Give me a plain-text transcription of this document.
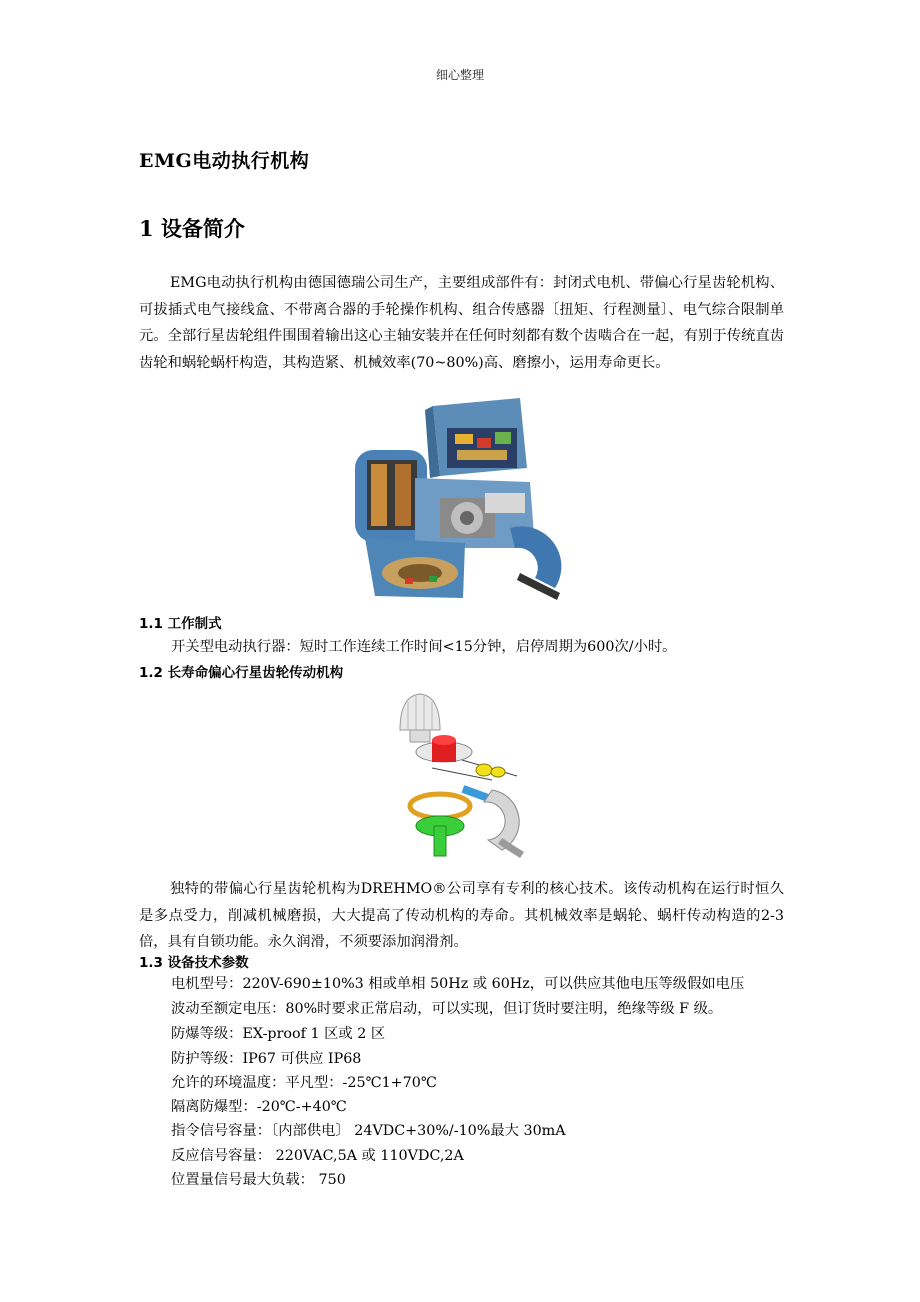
细心整理
EMG电动执行机构
1 设备简介
EMG电动执行机构由德国德瑞公司生产，主要组成部件有：封闭式电机、带偏心行星齿轮机构、可拔插式电气接线盒、不带离合器的手轮操作机构、组合传感器〔扭矩、行程测量〕、电气综合限制单元。全部行星齿轮组件围围着输出这心主轴安装并在任何时刻都有数个齿啮合在一起，有别于传统直齿齿轮和蜗轮蜗杆构造，其构造紧、机械效率(70~80%)高、磨擦小，运用寿命更长。
1.1 工作制式
开关型电动执行器：短时工作连续工作时间<15分钟，启停周期为600次/小时。
1.2 长寿命偏心行星齿轮传动机构
独特的带偏心行星齿轮机构为DREHMO®公司享有专利的核心技术。该传动机构在运行时恒久是多点受力，削减机械磨损，大大提高了传动机构的寿命。其机械效率是蜗轮、蜗杆传动构造的2-3倍，具有自锁功能。永久润滑，不须要添加润滑剂。
1.3 设备技术参数
电机型号：220V-690±10%3 相或单相 50Hz 或 60Hz，可以供应其他电压等级假如电压
波动至额定电压：80%时要求正常启动，可以实现，但订货时要注明，绝缘等级 F 级。
防爆等级：EX-proof 1 区或 2 区
防护等级：IP67 可供应 IP68
允许的环境温度：平凡型：-25℃1+70℃
隔离防爆型：-20℃-+40℃
指令信号容量：〔内部供电〕 24VDC+30%/-10%最大 30mA
反应信号容量： 220VAC,5A 或 110VDC,2A
位置量信号最大负载： 750
